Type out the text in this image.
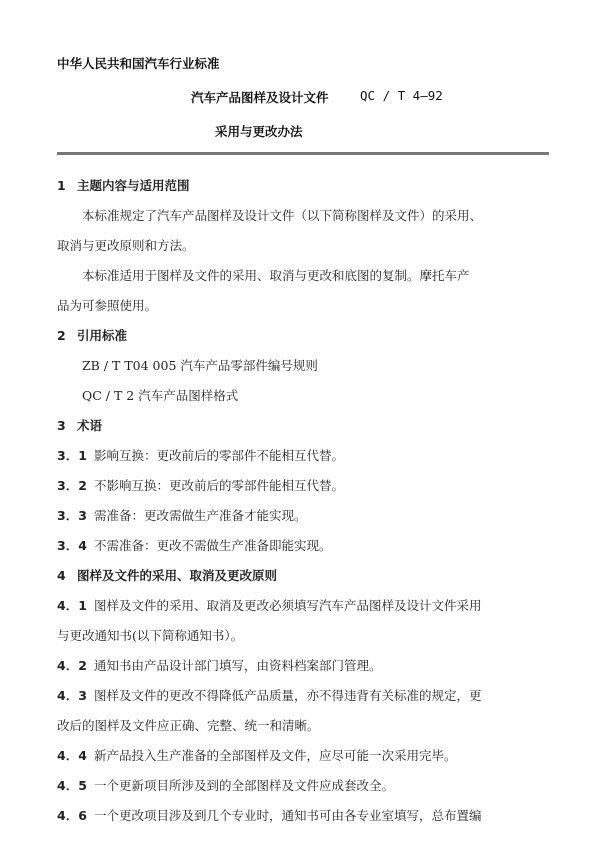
中华人民共和国汽车行业标准
汽车产品图样及设计文件	QC / T 4—92
采用与更改办法
1 主题内容与适用范围
本标准规定了汽车产品图样及设计文件（以下简称图样及文件）的采用、
取消与更改原则和方法。
本标准适用于图样及文件的采用、取消与更改和底图的复制。摩托车产
品为可参照使用。
2 引用标准
ZB / T T04 005 汽车产品零部件编号规则
QC / T 2 汽车产品图样格式
3 术语
3．1 影响互换：更改前后的零部件不能相互代替。
3．2 不影响互换：更改前后的零部件能相互代替。
3．3 需准备：更改需做生产准备才能实现。
3．4 不需准备：更改不需做生产准备即能实现。
4 图样及文件的采用、取消及更改原则
4．1 图样及文件的采用、取消及更改必须填写汽车产品图样及设计文件采用
与更改通知书(以下简称通知书）。
4．2 通知书由产品设计部门填写，由资料档案部门管理。
4．3 图样及文件的更改不得降低产品质量，亦不得违背有关标准的规定，更
改后的图样及文件应正确、完整、统一和清晰。
4．4 新产品投入生产准备的全部图样及文件，应尽可能一次采用完毕。
4．5 一个更新项目所涉及到的全部图样及文件应成套改全。
4．6 一个更改项目涉及到几个专业时，通知书可由各专业室填写，总布置编
